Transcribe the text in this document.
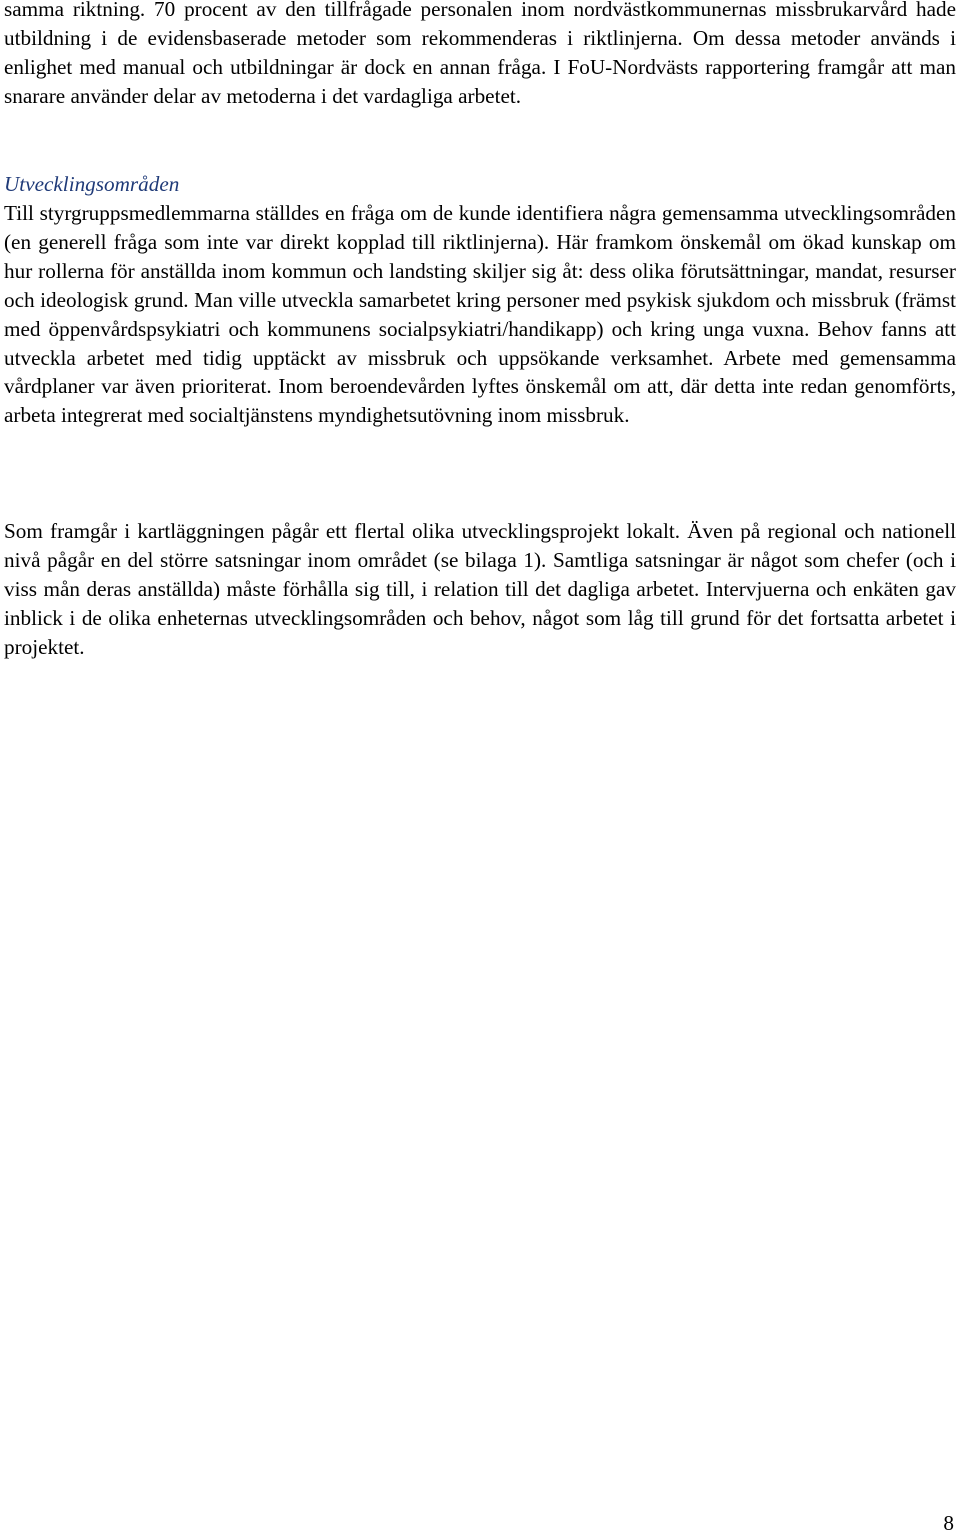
samma riktning. 70 procent av den tillfrågade personalen inom nordvästkommunernas missbrukarvård hade utbildning i de evidensbaserade metoder som rekommenderas i riktlinjerna. Om dessa metoder används i enlighet med manual och utbildningar är dock en annan fråga. I FoU-Nordvästs rapportering framgår att man snarare använder delar av metoderna i det vardagliga arbetet.

Utvecklingsområden

Till styrgruppsmedlemmarna ställdes en fråga om de kunde identifiera några gemensamma utvecklingsområden (en generell fråga som inte var direkt kopplad till riktlinjerna). Här framkom önskemål om ökad kunskap om hur rollerna för anställda inom kommun och landsting skiljer sig åt: dess olika förutsättningar, mandat, resurser och ideologisk grund. Man ville utveckla samarbetet kring personer med psykisk sjukdom och missbruk (främst med öppenvårdspsykiatri och kommunens socialpsykiatri/handikapp) och kring unga vuxna. Behov fanns att utveckla arbetet med tidig upptäckt av missbruk och uppsökande verksamhet. Arbete med gemensamma vårdplaner var även prioriterat. Inom beroendevården lyftes önskemål om att, där detta inte redan genomförts, arbeta integrerat med socialtjänstens myndighetsutövning inom missbruk.

Som framgår i kartläggningen pågår ett flertal olika utvecklingsprojekt lokalt. Även på regional och nationell nivå pågår en del större satsningar inom området (se bilaga 1). Samtliga satsningar är något som chefer (och i viss mån deras anställda) måste förhålla sig till, i relation till det dagliga arbetet. Intervjuerna och enkäten gav inblick i de olika enheternas utvecklingsområden och behov, något som låg till grund för det fortsatta arbetet i projektet.

8
